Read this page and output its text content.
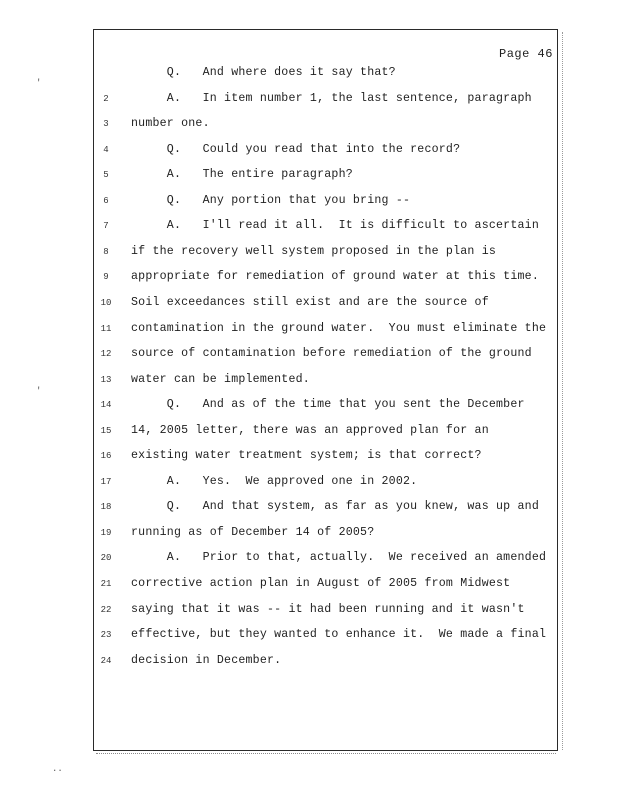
'
'
..
Page 46
Q.   And where does it say that?
2	A.   In item number 1, the last sentence, paragraph
3	number one.
4	Q.   Could you read that into the record?
5	A.   The entire paragraph?
6	Q.   Any portion that you bring --
7	A.   I'll read it all.  It is difficult to ascertain
8	if the recovery well system proposed in the plan is
9	appropriate for remediation of ground water at this time.
10 Soil exceedances still exist and are the source of
11 contamination in the ground water.  You must eliminate the
12 source of contamination before remediation of the ground
13 water can be implemented.
14 Q.   And as of the time that you sent the December
15 14, 2005 letter, there was an approved plan for an
16 existing water treatment system; is that correct?
17 A.   Yes.  We approved one in 2002.
18 Q.   And that system, as far as you knew, was up and
19 running as of December 14 of 2005?
20 A.   Prior to that, actually.  We received an amended
21 corrective action plan in August of 2005 from Midwest
22 saying that it was -- it had been running and it wasn't
23 effective, but they wanted to enhance it.  We made a final
24 decision in December.
